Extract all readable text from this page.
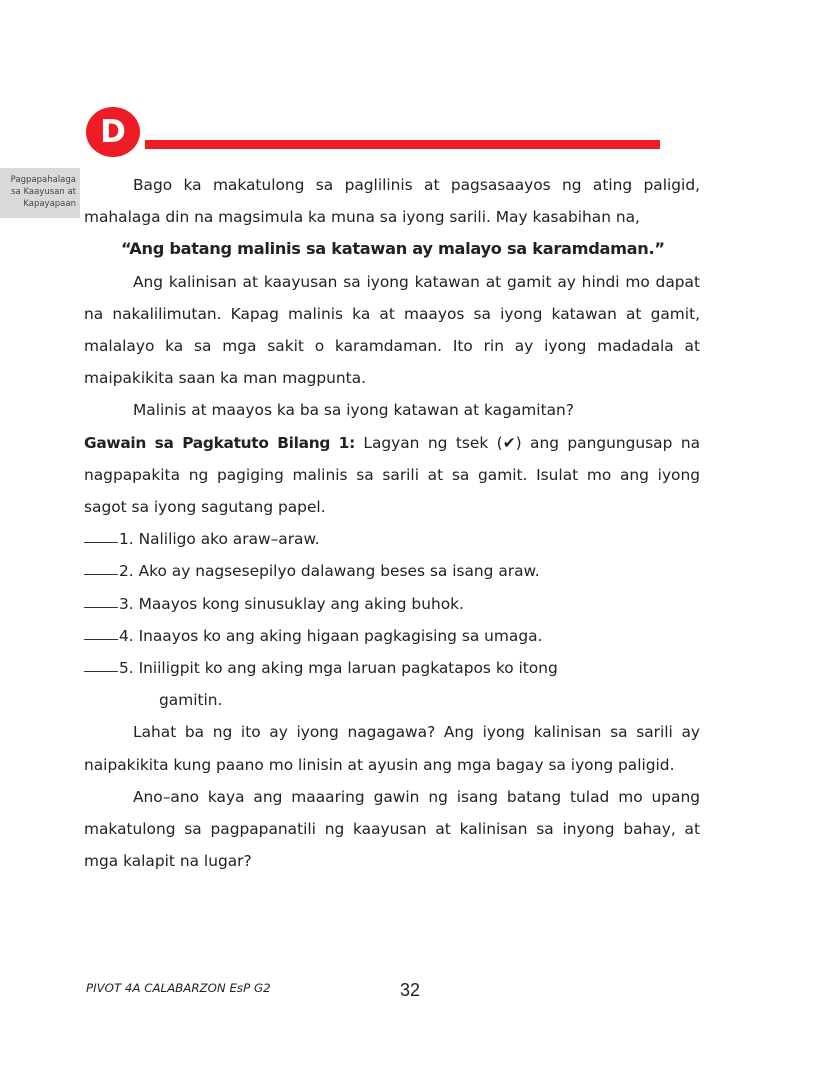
D
Pagpapahalaga
sa Kaayusan at
Kapayapaan

Bago ka makatulong sa paglilinis at pagsasaayos ng ating paligid, mahalaga din na magsimula ka muna sa iyong sarili. May kasabihan na,

“Ang batang malinis sa katawan ay malayo sa karamdaman.”

Ang kalinisan at kaayusan sa iyong katawan at gamit ay hindi mo dapat na nakalilimutan. Kapag malinis ka at maayos sa iyong katawan at gamit, malalayo ka sa mga sakit o karamdaman. Ito rin ay iyong madadala at maipakikita saan ka man magpunta.

Malinis at maayos ka ba sa iyong katawan at kagamitan?

Gawain sa Pagkatuto Bilang 1: Lagyan ng tsek (✔) ang pangungusap na nagpapakita ng pagiging malinis sa sarili at sa gamit. Isulat mo ang iyong sagot sa iyong sagutang papel.

1. Naliligo ako araw–araw.
2. Ako ay nagsesepilyo dalawang beses sa isang araw.
3. Maayos kong sinusuklay ang aking buhok.
4. Inaayos ko ang aking higaan pagkagising sa umaga.
5. Iniiligpit ko ang aking mga laruan pagkatapos ko itong
gamitin.

Lahat ba ng ito ay iyong nagagawa? Ang iyong kalinisan sa sarili ay naipakikita kung paano mo linisin at ayusin ang mga bagay sa iyong paligid.

Ano–ano kaya ang maaaring gawin ng isang batang tulad mo upang makatulong sa pagpapanatili ng kaayusan at kalinisan sa inyong bahay, at mga kalapit na lugar?

PIVOT 4A CALABARZON EsP G2	32
